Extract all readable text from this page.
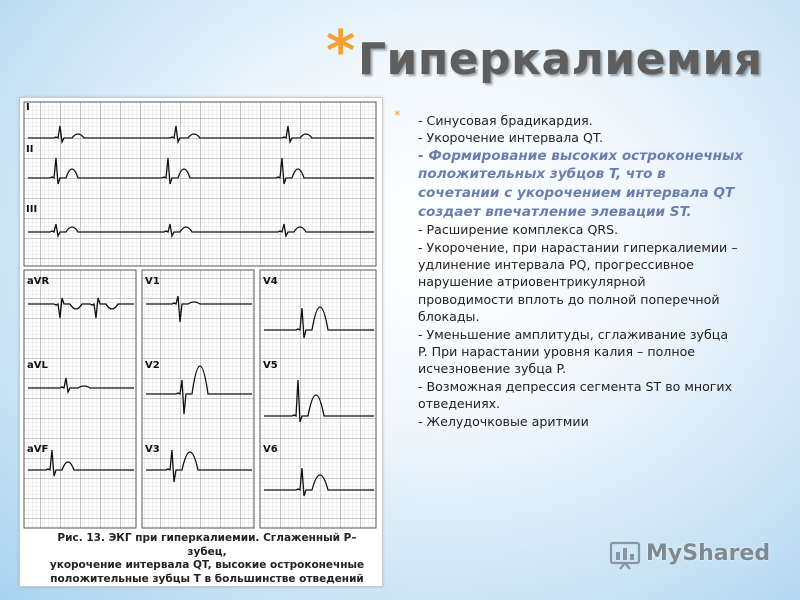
* Гиперкалиемия
I
II
III
aVR
aVL
aVF
V1
V2
V3
V4
V5
V6
Рис. 13. ЭКГ при гиперкалиемии. Сглаженный P–зубец,
укорочение интервала QT, высокие остроконечные
положительные зубцы T в большинстве отведений
*	- Синусовая брадикардия.
- Укорочение интервала QT.
- Формирование высоких остроконечных
положительных зубцов T, что в
сочетании с укорочением интервала QT
создает впечатление элевации ST.
- Расширение комплекса QRS.
- Укорочение, при нарастании гиперкалиемии –
удлинение интервала PQ, прогрессивное
нарушение атриовентрикулярной
проводимости вплоть до полной поперечной
блокады.
- Уменьшение амплитуды, сглаживание зубца
P. При нарастании уровня калия – полное
исчезновение зубца P.
- Возможная депрессия сегмента ST во многих
отведениях.
- Желудочковые аритмии
MyShared
